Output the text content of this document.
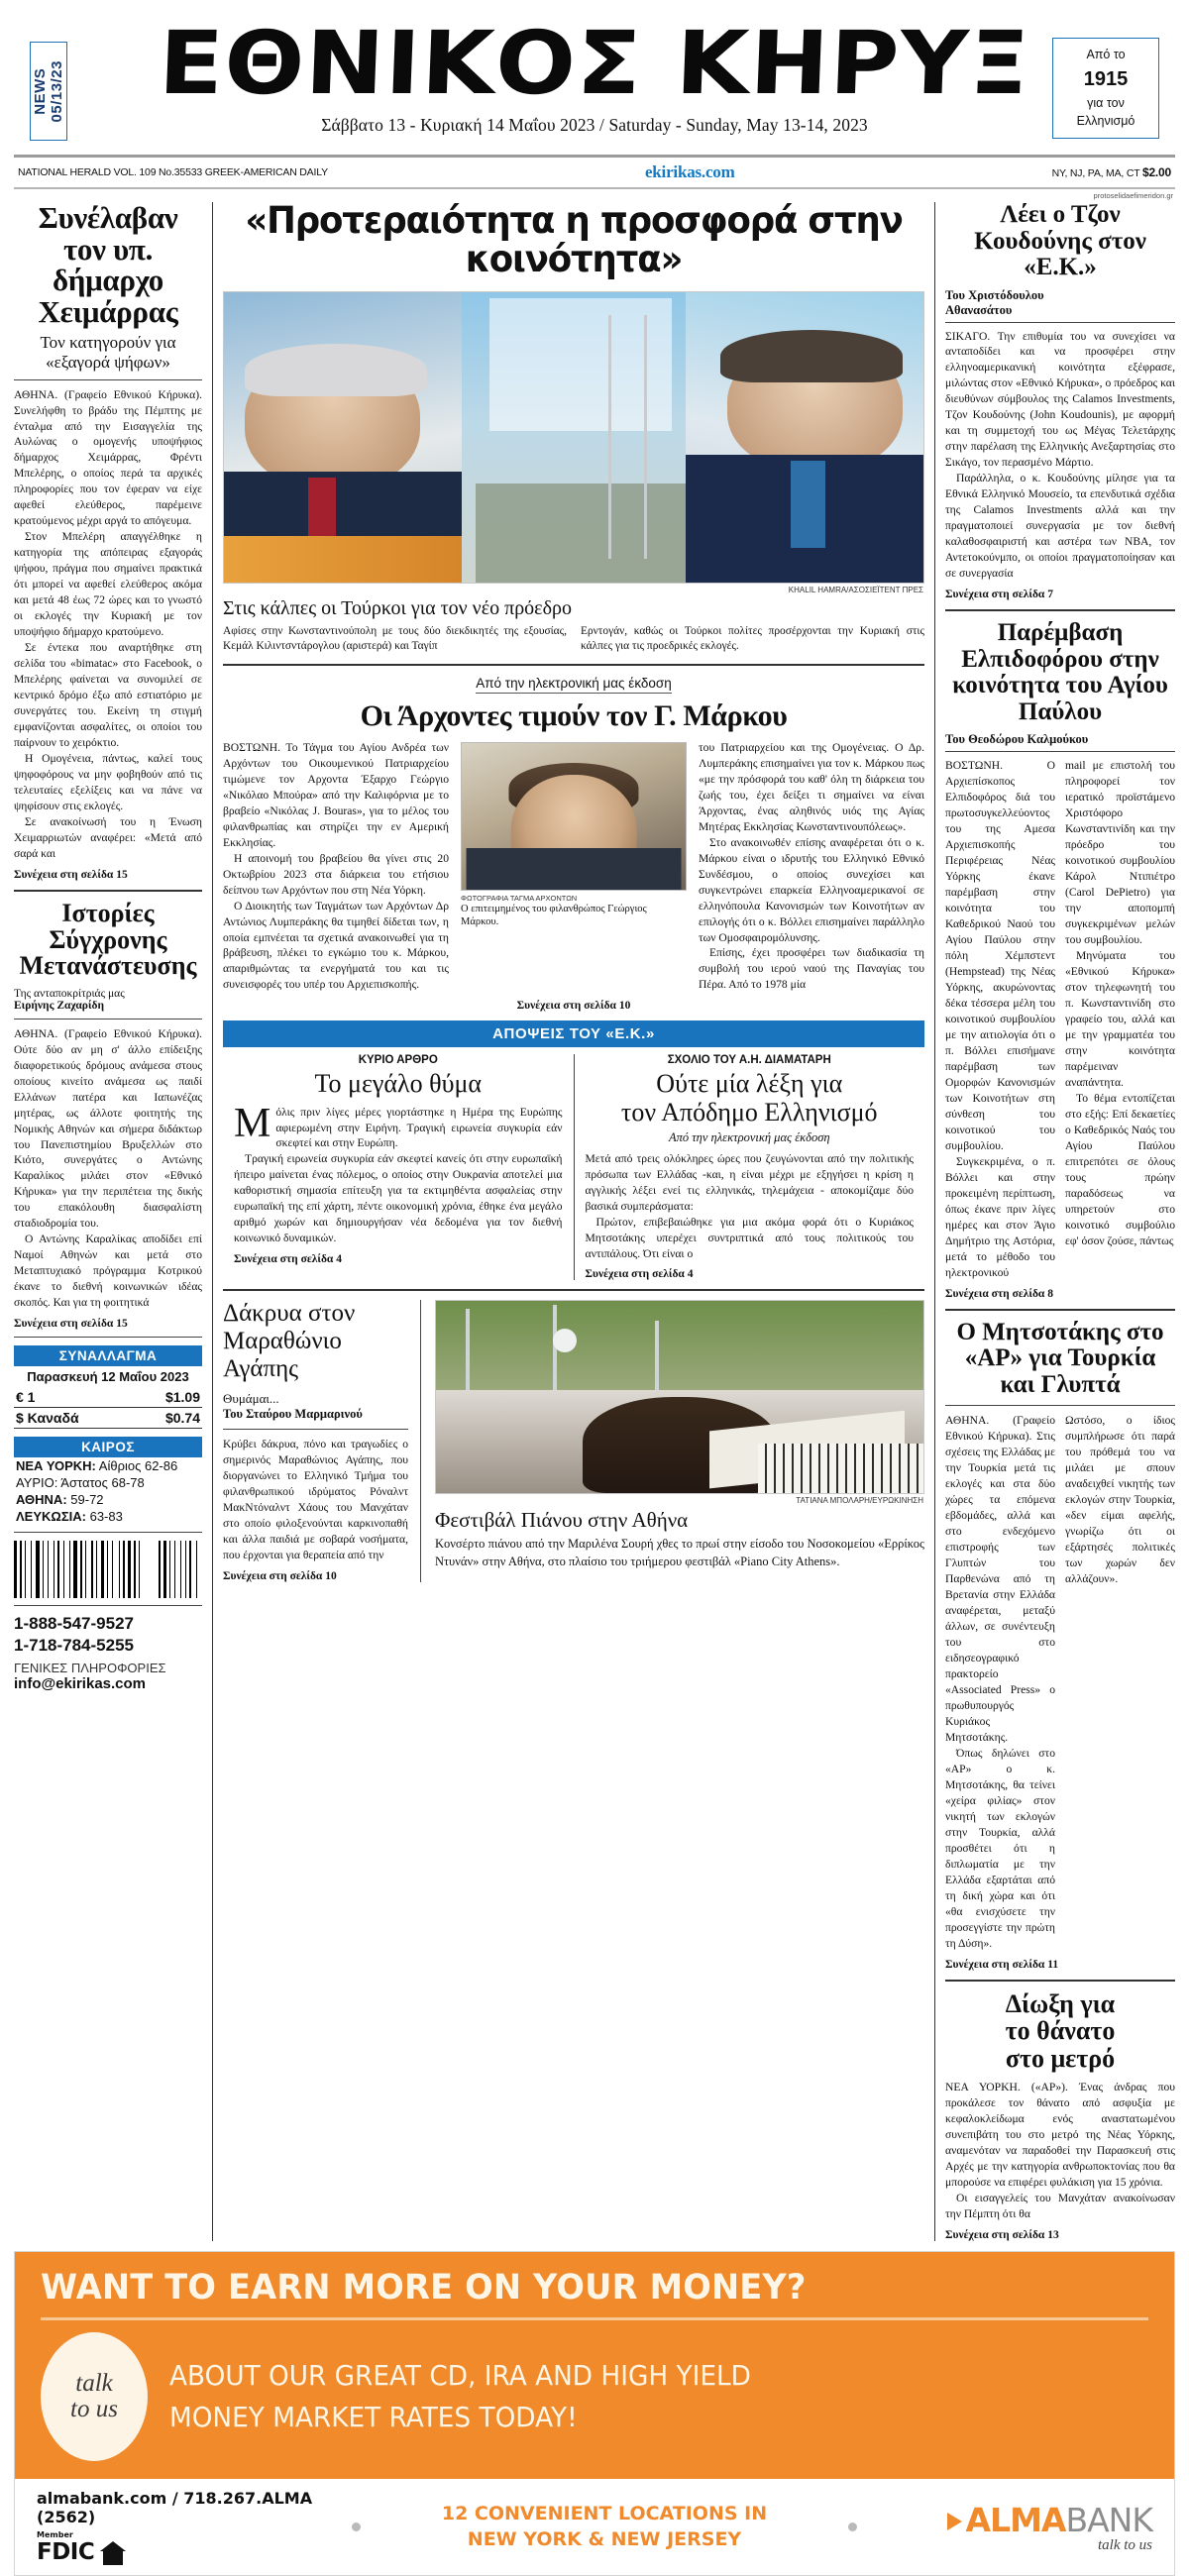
NEWS 05/13/23	ΕΘΝΙΚΟΣ ΚΗΡΥΞ
Σάββατο 13 - Κυριακή 14 Μαΐου 2023 / Saturday - Sunday, May 13-14, 2023
Από το
1915
για τον
Ελληνισμό
NATIONAL HERALD VOL. 109 No.35533 GREEK-AMERICAN DAILY	ekirikas.com	NY, NJ, PA, MA, CT $2.00
protoselidaefimeridon.gr
Συνέλαβαν τον υπ. δήμαρχο Χειμάρρας
Τον κατηγορούν για
«εξαγορά ψήφων»

ΑΘΗΝΑ. (Γραφείο Εθνικού Κήρυκα). Συνελήφθη το βράδυ της Πέμπτης με ένταλμα από την Εισαγγελία της Αυλώνας ο ομογενής υποψήφιος δήμαρχος Χειμάρρας, Φρέντι Μπελέρης, ο οποίος περά τα αρχικές πληροφορίες που τον έφεραν να είχε αφεθεί ελεύθερος, παρέμεινε κρατούμενος μέχρι αργά το απόγευμα.

Στον Μπελέρη απαγγέλθηκε η κατηγορία της απόπειρας εξαγοράς ψήφου, πράγμα που σημαίνει πρακτικά ότι μπορεί να αφεθεί ελεύθερος ακόμα και μετά 48 έως 72 ώρες και το γνωστό οι εκλογές την Κυριακή με τον υποψήφιο δήμαρχο κρατούμενο.

Σε έντεκα που αναρτήθηκε στη σελίδα του «bimatac» στο Facebook, ο Μπελέρης φαίνεται να συνομιλεί σε κεντρικό δρόμο έξω από εστιατόριο με συνεργάτες του. Εκείνη τη στιγμή εμφανίζονται ασφαλίτες, οι οποίοι του παίρνουν το χειρόκτιο.

Η Ομογένεια, πάντως, καλεί τους ψηφοφόρους να μην φοβηθούν από τις τελευταίες εξελίξεις και να πάνε να ψηφίσουν στις εκλογές.

Σε ανακοίνωσή του η Ένωση Χειμαρριωτών αναφέρει: «Μετά από σαρά και

Συνέχεια στη σελίδα 15
Ιστορίες
Σύγχρονης
Μετανάστευσης
Της ανταποκρίτριάς μας
Ειρήνης Ζαχαρίδη

ΑΘΗΝΑ. (Γραφείο Εθνικού Κήρυκα). Ούτε δύο αν μη σ' άλλο επίδειξης διαφορετικούς δρόμους ανάμεσα στους οποίους κινείτο ανάμεσα ως παιδί Ελλάνων πατέρα και Ιαπωνέζας μητέρας, ως άλλοτε φοιτητής της Νομικής Αθηνών και σήμερα διδάκτωρ του Πανεπιστημίου Βρυξελλών στο Κιότο, συνεργάτες ο Αντώνης Καραλίκος μιλάει στον «Εθνικό Κήρυκα» για την περιπέτεια της δικής του επακόλουθη διασφαλίστη σταδιοδρομία του.

Ο Αντώνης Καραλίκας αποδίδει επί Ναμοί Αθηνών και μετά στο Μεταπτυχιακό πρόγραμμα Κοτρικού έκανε το διεθνή κοινωνικών ιδέας σκοπός. Και για τη φοιτητικά

Συνέχεια στη σελίδα 15
ΣΥΝΑΛΛΑΓΜΑ
Παρασκευή 12 Μαΐου 2023
€ 1	$1.09
$ Καναδά	$0.74
ΚΑΙΡΟΣ
ΝΕΑ ΥΟΡΚΗ: Αίθριος 62-86
ΑΥΡΙΟ: Άστατος 68-78
ΑΘΗΝΑ: 59-72
ΛΕΥΚΩΣΙΑ: 63-83
1-888-547-9527
1-718-784-5255
ΓΕΝΙΚΕΣ ΠΛΗΡΟΦΟΡΙΕΣ
info@ekirikas.com
«Προτεραιότητα η προσφορά στην κοινότητα»
ΚΗΑLIL HAMRA/ΑΣΟΣΙΕΪΤΕΝΤ ΠΡΕΣ
Στις κάλπες οι Τούρκοι για τον νέο πρόεδρο
Αφίσες στην Κωνσταντινούπολη με τους δύο διεκδικητές της εξουσίας, Κεμάλ Κιλιντσντάρογλου (αριστερά) και Ταγίπ
Ερντογάν, καθώς οι Τούρκοι πολίτες προσέρχονται την Κυριακή στις κάλπες για τις προεδρικές εκλογές.
Από την ηλεκτρονική μας έκδοση
Οι Άρχοντες τιμούν τον Γ. Μάρκου

ΒΟΣΤΩΝΗ. Το Τάγμα του Αγίου Ανδρέα των Αρχόντων του Οικουμενικού Πατριαρχείου τιμώμενε τον Αρχοντα Έξαρχο Γεώργιο «Νικόλαο Μπούρα» από την Καλιφόρνια με το βραβείο «Νικόλας J. Bouras», για το μέλος του φιλανθρωπίας και στηρίζει την εν Αμερική Εκκλησίας.

Η αποινομή του βραβείου θα γίνει στις 20 Οκτωβρίου 2023 στα διάρκεια του ετήσιου δείπνου των Αρχόντων που στη Νέα Υόρκη.

Ο Διοικητής των Ταγμάτων των Αρχόντων Δρ Αντώνιος Λυμπεράκης θα τιμηθεί δίδεται των, η οποία εμπνέεται τα σχετικά ανακοινωθεί για τη βράβευση, πλέκει το εγκώμιο του κ. Μάρκου, απαριθμώντας τα ενεργήματά του και τις συνεισφορές του υπέρ του Αρχιεπισκοπής.

ΦΩΤΟΓΡΑΦΙΑ ΤΑΓΜΑ ΑΡΧΟΝΤΩΝ
Ο επιτειμημένος του φιλανθρώπος Γεώργιος Μάρκου.

του Πατριαρχείου και της Ομογένειας. Ο Δρ. Λυμπεράκης επισημαίνει για τον κ. Μάρκου πως «με την πρόσφορά του καθ' όλη τη διάρκεια του ζωής του, έχει δείξει τι σημαίνει να είναι Άρχοντας, ένας αληθινός υιός της Αγίας Μητέρας Εκκλησίας Κωνσταντινουπόλεως».

Στο ανακοινωθέν επίσης αναφέρεται ότι ο κ. Μάρκου είναι ο ιδρυτής του Ελληνικό Εθνικό Συνδέσμου, ο οποίος συνεχίσει και συγκεντρώνει επαρκεία Ελληνοαμερικανοί σε ελληνόπουλα Κανονισμών των Κοινοτήτων αν επιλογής ότι ο κ. Βόλλει επισημαίνει παράλληλο των Ομοσφαιρομόλυνσης.

Επίσης, έχει προσφέρει των διαδικασία τη συμβολή του ιερού ναού της Παναγίας του Πέρα. Από το 1978 μία

Συνέχεια στη σελίδα 10
ΑΠΟΨΕΙΣ ΤΟΥ «Ε.Κ.»
ΚΥΡΙΟ ΑΡΘΡΟ
Το μεγάλο θύμα

Μόλις πριν λίγες μέρες γιορτάστηκε η Ημέρα της Ευρώπης αφιερωμένη στην Ειρήνη. Τραγική ειρωνεία συγκυρία εάν σκεφτεί και στην Ευρώπη.

Τραγική ειρωνεία συγκυρία εάν σκεφτεί κανείς ότι στην ευρωπαϊκή ήπειρο μαίνεται ένας πόλεμος, ο οποίος στην Ουκρανία αποτελεί μια καθοριστική σημασία επίτευξη για τα εκτιμηθέντα ασφαλείας στην ευρωπαϊκή της επί χάρτη, πέντε οικονομική χρόνια, έθηκε ένα μεγάλο αριθμό χωρών και δημιουργήσαν νέα δεδομένα για τον διεθνή κοινωνικό δυναμικών.

Συνέχεια στη σελίδα 4
ΣΧΟΛΙΟ ΤΟΥ Α.Η. ΔΙΑΜΑΤΑΡΗ
Ούτε μία λέξη για
τον Απόδημο Ελληνισμό
Από την ηλεκτρονική μας έκδοση

Μετά από τρεις ολόκληρες ώρες που ζευγώνονται από την πολιτικής πρόσωπα των Ελλάδας -και, η είναι μέχρι με εξηγήσει η κρίση η αγγλικής λέξει ενεί τις ελληνικάς, τηλεμάχεια - αποκομίζαμε δύο βασικά συμπεράσματα:

Πρώτον, επιβεβαιώθηκε για μια ακόμα φορά ότι ο Κυριάκος Μητσοτάκης υπερέχει συντριπτικά από τους πολιτικούς του αντιπάλους. Ότι είναι ο

Συνέχεια στη σελίδα 4
Δάκρυα στον
Μαραθώνιο
Αγάπης
Θυμάμαι...
Του Σταύρου Μαρμαρινού

Κρύβει δάκρυα, πόνο και τραγωδίες ο σημερινός Μαραθώνιος Αγάπης, που διοργανώνει το Ελληνικό Τμήμα του φιλανθρωπικού ιδρύματος Ρόναλντ ΜακΝτόναλντ Χάους του Μανχάταν στο οποίο φιλοξενούνται καρκινοπαθή και άλλα παιδιά με σοβαρά νοσήματα, που έρχονται για θεραπεία από την

Συνέχεια στη σελίδα 10
ΤΑΤΙΑΝΑ ΜΠΟΛΑΡΗ/ΕΥΡΩΚΙΝΗΣΗ
Φεστιβάλ Πιάνου στην Αθήνα
Κονσέρτο πιάνου από την Μαριλένα Σουρή χθες το πρωί στην είσοδο του Νοσοκομείου «Ερρίκος Ντυνάν» στην Αθήνα, στο πλαίσιο του τριήμερου φεστιβάλ «Piano City Athens».
Λέει ο Τζον Κουδούνης στον «Ε.Κ.»
Του Χριστόδουλου
Αθανασάτου

ΣΙΚΑΓΟ. Την επιθυμία του να συνεχίσει να ανταποδίδει και να προσφέρει στην ελληνοαμερικανική κοινότητα εξέφρασε, μιλώντας στον «Εθνικό Κήρυκα», ο πρόεδρος και διευθύνων σύμβουλος της Calamos Investments, Τζον Κουδούνης (John Koudounis), με αφορμή και τη συμμετοχή του ως Μέγας Τελετάρχης στην παρέλαση της Ελληνικής Ανεξαρτησίας στο Σικάγο, τον περασμένο Μάρτιο.

Παράλληλα, ο κ. Κουδούνης μίλησε για τα Εθνικά Ελληνικό Μουσείο, τα επενδυτικά σχέδια της Calamos Investments αλλά και την πραγματοποιεί συνεργασία με τον διεθνή καλαθοσφαιριστή και αστέρα των ΝΒΑ, τον Αντετοκούνμπο, οι οποίοι πραγματοποίησαν και σε συνεργασία

Συνέχεια στη σελίδα 7
Παρέμβαση Ελπιδοφόρου στην κοινότητα του Αγίου Παύλου
Του Θεοδώρου Καλμούκου

ΒΟΣΤΩΝΗ. Ο Αρχιεπίσκοπος Ελπιδοφόρος διά του πρωτοσυγκελλεύοντος του της Αμεσα Αρχιεπισκοπής Περιφέρειας Νέας Υόρκης έκανε παρέμβαση στην κοινότητα του Καθεδρικού Ναού του Αγίου Παύλου στην πόλη Χέμπστεντ (Hempstead) της Νέας Υόρκης, ακυρώνοντας δέκα τέσσερα μέλη του κοινοτικού συμβουλίου με την αιτιολογία ότι ο π. Βόλλει επισήμανε παρέμβαση των Ομορφών Κανονισμών των Κοινοτήτων στη σύνθεση του κοινοτικού του συμβουλίου.

Συγκεκριμένα, ο π. Βόλλει και στην προκειμένη περίπτωση, όπως έκανε πριν λίγες ημέρες και στον Άγιο Δημήτριο της Αστόρια, μετά το μέθοδο του ηλεκτρονικού

mail με επιστολή του πληροφορεί τον ιερατικό προϊστάμενο Χριστόφορο Κωνσταντινίδη και την πρόεδρο του κοινοτικού συμβουλίου Κάρολ Ντιπιέτρο (Carol DePietro) για την αποπομπή συγκεκριμένων μελών του συμβουλίου.

Μηνύματα του «Εθνικού Κήρυκα» στον τηλεφωνητή του π. Κωνσταντινίδη στο γραφείο του, αλλά και με την γραμματέα του στην κοινότητα παρέμειναν αναπάντητα.

Το θέμα εντοπίζεται στο εξής: Επί δεκαετίες ο Καθεδρικός Ναός του Αγίου Παύλου επιτρεπότει σε όλους τους πρώην παραδόσεως να υπηρετούν στο κοινοτικό συμβούλιο εφ' όσον ζούσε, πάντως

Συνέχεια στη σελίδα 8
Ο Μητσοτάκης στο «ΑΡ» για Τουρκία και Γλυπτά

ΑΘΗΝΑ. (Γραφείο Εθνικού Κήρυκα). Στις σχέσεις της Ελλάδας με την Τουρκία μετά τις εκλογές και στα δύο χώρες τα επόμενα εβδομάδες, αλλά και στο ενδεχόμενο επιστροφής των Γλυπτών του Παρθενώνα από τη Βρετανία στην Ελλάδα αναφέρεται, μεταξύ άλλων, σε συνέντευξη του στο ειδησεογραφικό πρακτορείο «Associated Press» ο πρωθυπουργός Κυριάκος Μητσοτάκης.

Όπως δηλώνει στο «ΑΡ» ο κ. Μητσοτάκης, θα τείνει «χείρα φιλίας» στον νικητή των εκλογών στην Τουρκία, αλλά προσθέτει ότι η διπλωματία με την Ελλάδα εξαρτάται από τη δική χώρα και ότι «θα ενισχύσετε την προσεγγίστε την πρώτη τη Δύση».

Ωστόσο, ο ίδιος συμπλήρωσε ότι παρά του πρόθεμά του να μιλάει με σπουν αναδειχθεί νικητής των εκλογών στην Τουρκία, «δεν είμαι αφελής, γνωρίζω ότι οι εξάρτησές πολιτικές των χωρών δεν αλλάζουν».

Συνέχεια στη σελίδα 11
Δίωξη για
το θάνατο
στο μετρό

ΝΕΑ ΥΟΡΚΗ. («ΑΡ»). Ένας άνδρας που προκάλεσε τον θάνατο από ασφυξία με κεφαλοκλείδωμα ενός αναστατωμένου συνεπιβάτη του στο μετρό της Νέας Υόρκης, αναμενόταν να παραδοθεί την Παρασκευή στις Αρχές με την κατηγορία ανθρωποκτονίας που θα μπορούσε να επιφέρει φυλάκιση για 15 χρόνια.

Οι εισαγγελείς του Μανχάταν ανακοίνωσαν την Πέμπτη ότι θα

Συνέχεια στη σελίδα 13
WANT TO EARN MORE ON YOUR MONEY?
talk
to us
ABOUT OUR GREAT CD, IRA AND HIGH YIELD
MONEY MARKET RATES TODAY!
almabank.com / 718.267.ALMA (2562)
Member
FDIC
12 CONVENIENT LOCATIONS IN
NEW YORK & NEW JERSEY	ALMABANK
talk to us
